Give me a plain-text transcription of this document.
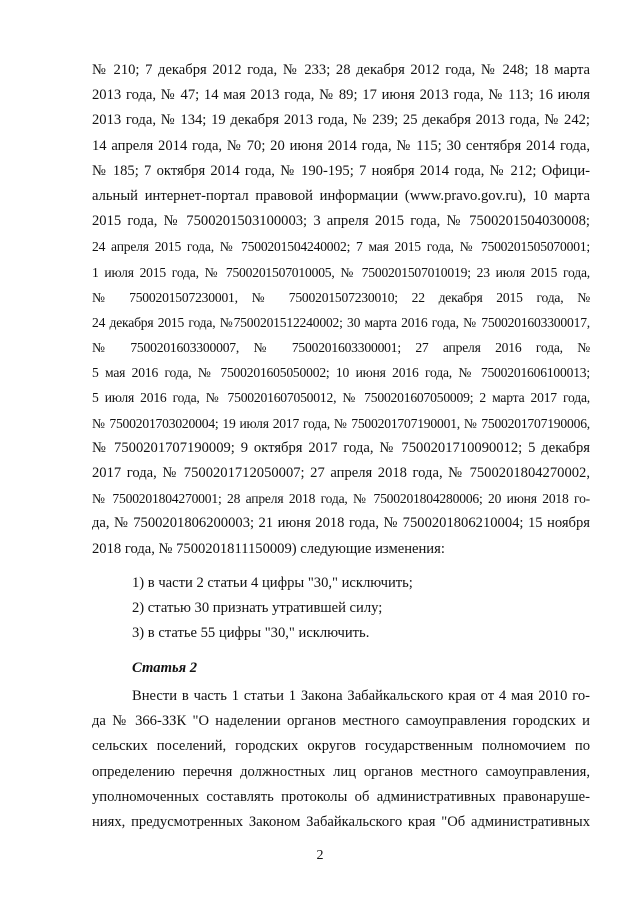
№ 210; 7 декабря 2012 года, № 233; 28 декабря 2012 года, № 248; 18 марта
2013 года, № 47; 14 мая 2013 года, № 89; 17 июня 2013 года, № 113; 16 июля
2013 года, № 134; 19 декабря 2013 года, № 239; 25 декабря 2013 года, № 242;
14 апреля 2014 года, № 70; 20 июня 2014 года, № 115; 30 сентября 2014 года,
№ 185; 7 октября 2014 года, № 190-195; 7 ноября 2014 года, № 212; Офици-
альный интернет-портал правовой информации (www.pravo.gov.ru), 10 марта
2015 года, № 7500201503100003; 3 апреля 2015 года, № 7500201504030008;
24 апреля 2015 года, № 7500201504240002; 7 мая 2015 года, № 7500201505070001;
1 июля 2015 года, № 7500201507010005, № 7500201507010019; 23 июля 2015 года,
№ 7500201507230001, № 7500201507230010; 22 декабря 2015 года, №
24 декабря 2015 года, №7500201512240002; 30 марта 2016 года, № 7500201603300017,
№ 7500201603300007, № 7500201603300001; 27 апреля 2016 года, №
5 мая 2016 года, № 7500201605050002; 10 июня 2016 года, № 7500201606100013;
5 июля 2016 года, № 7500201607050012, № 7500201607050009; 2 марта 2017 года,
№ 7500201703020004; 19 июля 2017 года, № 7500201707190001, № 7500201707190006,
№ 7500201707190009; 9 октября 2017 года, № 7500201710090012; 5 декабря
2017 года, № 7500201712050007; 27 апреля 2018 года, № 7500201804270002,
№ 7500201804270001; 28 апреля 2018 года, № 7500201804280006; 20 июня 2018 го-
да, № 7500201806200003; 21 июня 2018 года, № 7500201806210004; 15 ноября
2018 года, № 7500201811150009) следующие изменения:
1) в части 2 статьи 4 цифры "30," исключить;
2) статью 30 признать утратившей силу;
3) в статье 55 цифры "30," исключить.
Статья 2
Внести в часть 1 статьи 1 Закона Забайкальского края от 4 мая 2010 го-
да № 366-ЗЗК "О наделении органов местного самоуправления городских и
сельских поселений, городских округов государственным полномочием по
определению перечня должностных лиц органов местного самоуправления,
уполномоченных составлять протоколы об административных правонаруше-
ниях, предусмотренных Законом Забайкальского края "Об административных
2
